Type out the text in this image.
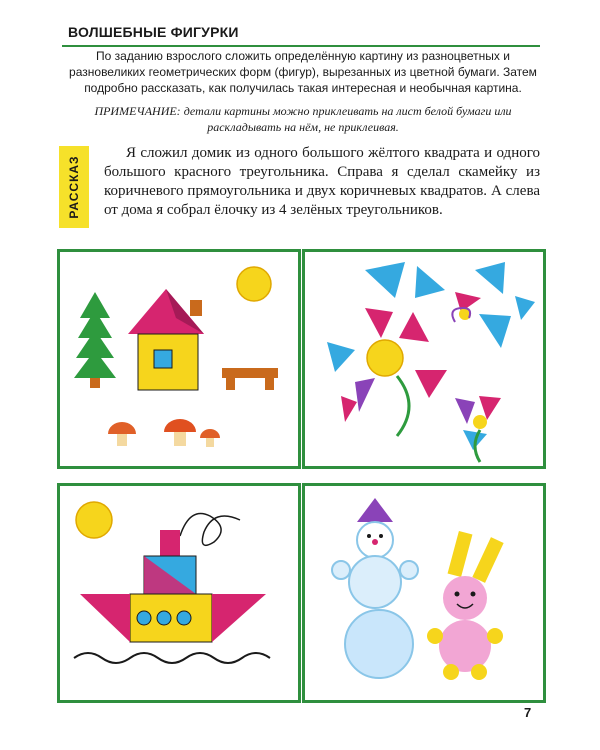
ВОЛШЕБНЫЕ ФИГУРКИ
По заданию взрослого сложить определённую картину из разноцветных и разновеликих геометрических форм (фигур), вырезанных из цветной бумаги. Затем подробно рассказать, как получилась такая интересная и необычная картина.
ПРИМЕЧАНИЕ: детали картины можно приклеивать на лист белой бумаги или раскладывать на нём, не приклеивая.
РАССКАЗ
Я сложил домик из одного большого жёлтого квадрата и одного большого красного треугольника. Справа я сделал скамейку из коричневого прямоугольника и двух коричневых квадратов. А слева от дома я собрал ёлочку из 4 зелёных треугольников.
7
